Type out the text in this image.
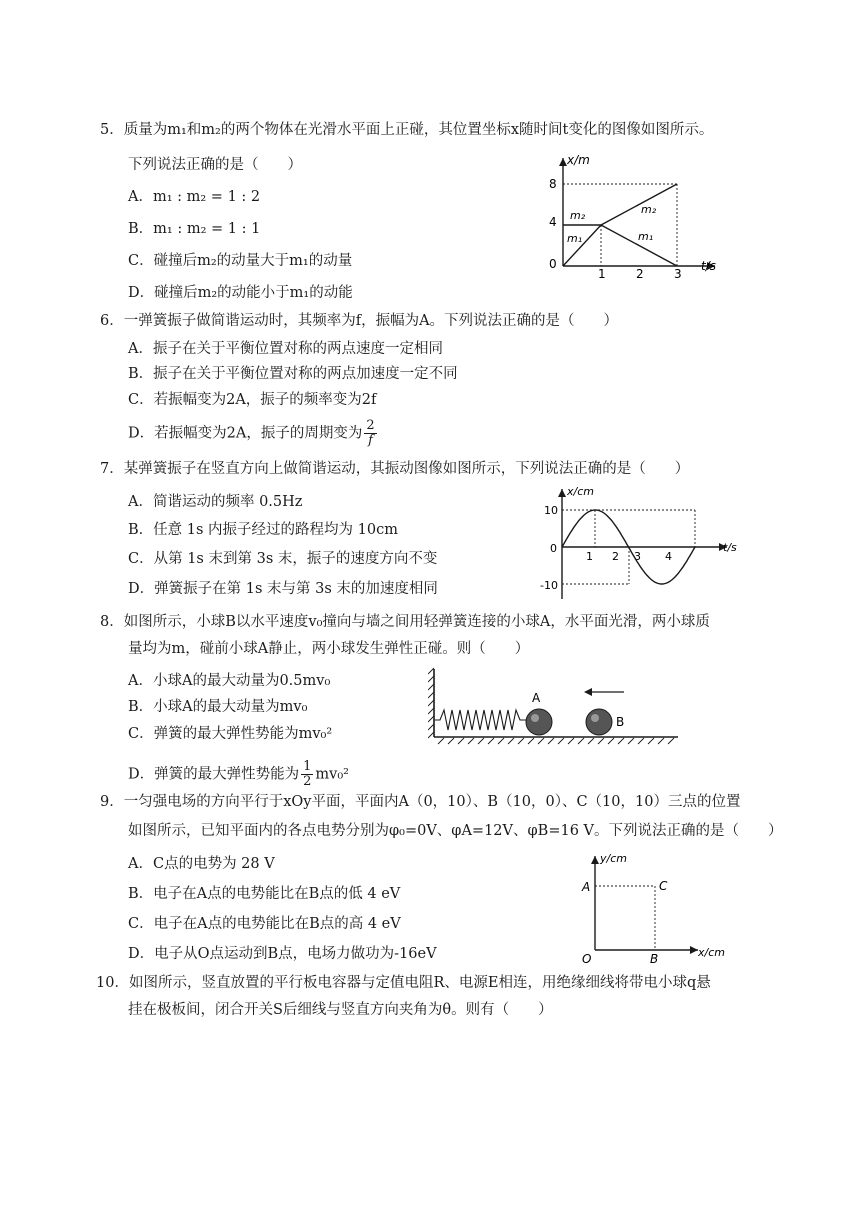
5．质量为m₁和m₂的两个物体在光滑水平面上正碰，其位置坐标x随时间t变化的图像如图所示。
下列说法正确的是（　　）
A．m₁ : m₂ = 1 : 2
B．m₁ : m₂ = 1 : 1
C．碰撞后m₂的动量大于m₁的动量
D．碰撞后m₂的动能小于m₁的动能
x/m
t/s
8
4
0
1	2	3
m₂
m₁
m₂
m₁
6．一弹簧振子做简谐运动时，其频率为f，振幅为A。下列说法正确的是（　　）
A．振子在关于平衡位置对称的两点速度一定相同
B．振子在关于平衡位置对称的两点加速度一定不同
C．若振幅变为2A，振子的频率变为2f
D．若振幅变为2A，振子的周期变为 $\frac{2}{f}$
7．某弹簧振子在竖直方向上做简谐运动，其振动图像如图所示，下列说法正确的是（　　）
A．简谐运动的频率 0.5Hz
B．任意 1s 内振子经过的路程均为 10cm
C．从第 1s 末到第 3s 末，振子的速度方向不变
D．弹簧振子在第 1s 末与第 3s 末的加速度相同
x/cm
t/s
10
0
-10
1 2 3 4
8．如图所示，小球B以水平速度v₀撞向与墙之间用轻弹簧连接的小球A，水平面光滑，两小球质
量均为m，碰前小球A静止，两小球发生弹性正碰。则（　　）
A．小球A的最大动量为0.5mv₀
B．小球A的最大动量为mv₀
C．弹簧的最大弹性势能为mv₀²
D．弹簧的最大弹性势能为 $\frac{1}{2} mv_0^2$
A
B
9．一匀强电场的方向平行于xOy平面，平面内A（0，10）、B（10，0）、C（10，10）三点的位置
如图所示，已知平面内的各点电势分别为φ₀=0V、φA=12V、φB=16 V。下列说法正确的是（　　）
A．C点的电势为 28 V
B．电子在A点的电势能比在B点的低 4 eV
C．电子在A点的电势能比在B点的高 4 eV
D．电子从O点运动到B点，电场力做功为-16eV
y/cm
x/cm
O
A
B
C
10．如图所示，竖直放置的平行板电容器与定值电阻R、电源E相连，用绝缘细线将带电小球q悬
挂在极板间，闭合开关S后细线与竖直方向夹角为θ。则有（　　）
